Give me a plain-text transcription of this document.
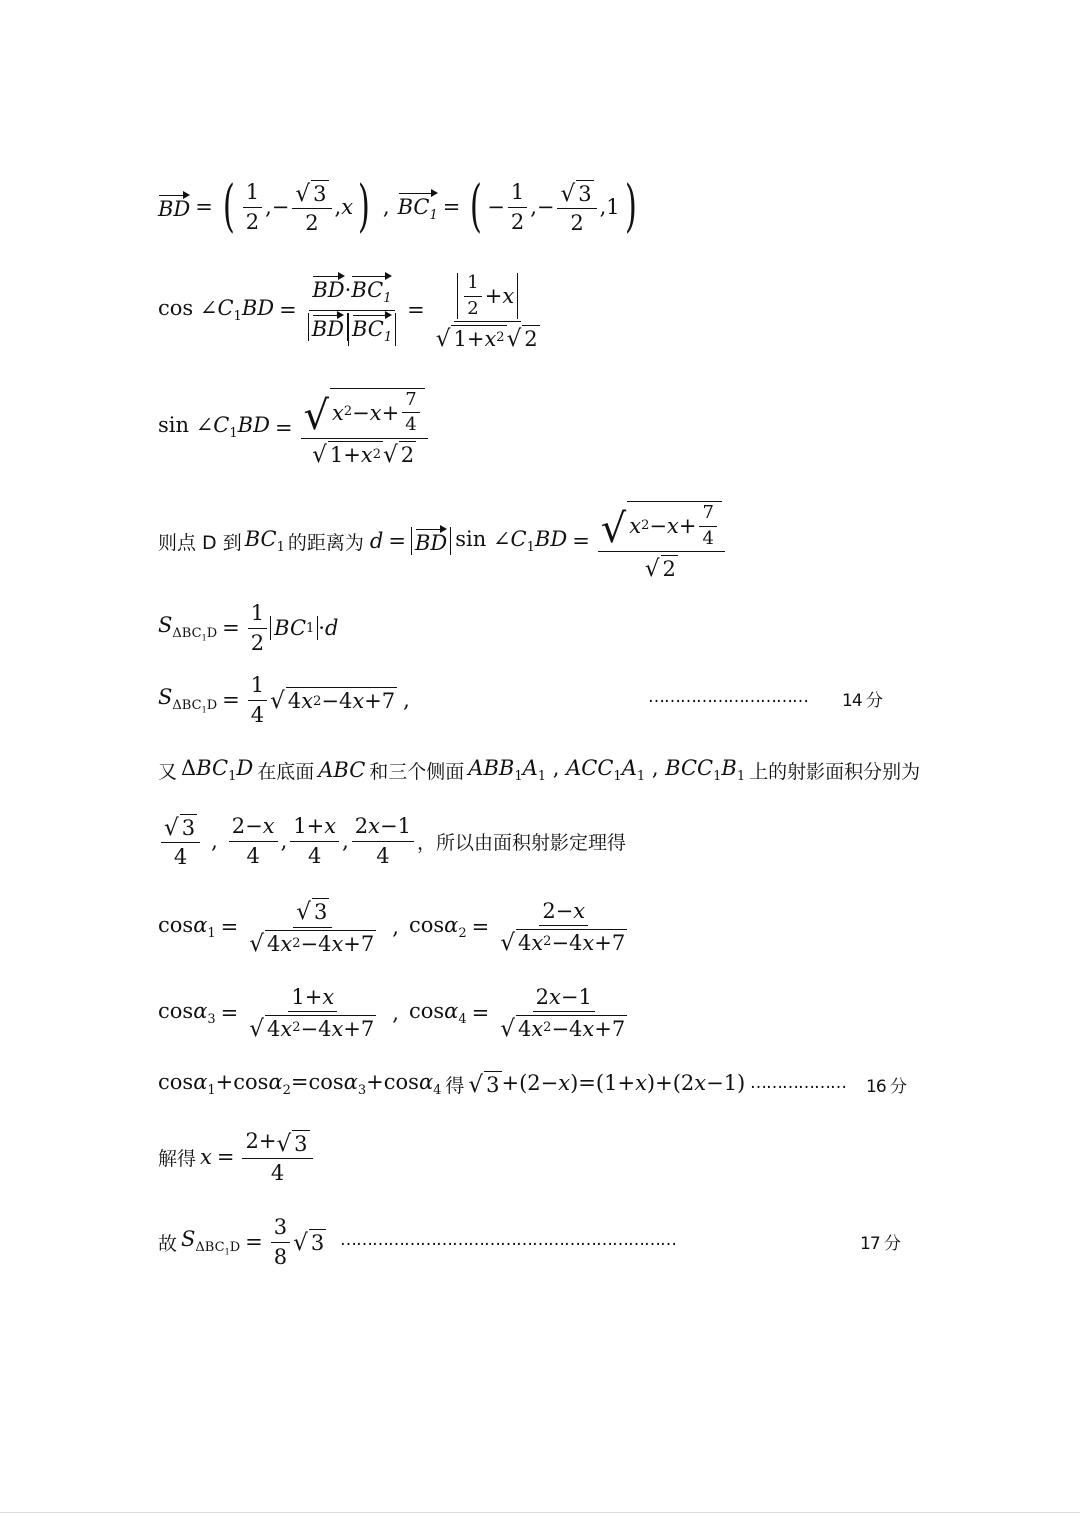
BD = ( $\frac{1}{2}$ ,− $\frac{√ 3}{2}$ , x ) , $BC_1$ = ( − $\frac{1}{2}$ ,− $\frac{√ 3}{2} ,1$ )
$\cos \angle C_1BD = \frac{BD\cdot BC_1}{BD BC_1} = \frac{\frac{1}{2} + x}{√ 1+ x 2 √ 2}$
$\sin \angle C_1BD = \frac{√ x 2 - x + \frac{7}{4}}{√ 1+ x 2 √ 2}$
则点 D 到 $BC_1$ 的距离为 d = BD $\sin \angle C_1BD = \frac{√ x 2 - x + \frac{7}{4}}{√ 2}$
$S_{\Delta BC_1D} = \frac{1}{2}$ BC 1 · d
$S_{\Delta BC_1D} = \frac{1}{4}$ √ 4 x 2 −4 x +7 ,	………………………… 14 分
又 $\Delta BC_1D$ 在底面 ABC 和三个侧面 $ABB_1A_1$ , $ACC_1A_1$ , $BCC_1B_1$ 上的射影面积分别为
$\frac{√ 3}{4}$ , $\frac{2-x}{4}$ , $\frac{1+x}{4}$ , $\frac{2x-1}{4}$ ，所以由面积射影定理得
$\cos\alpha_1 = \frac{√ 3}{√ 4 x 2 -4 x +7}$ , $\cos\alpha_2 = \frac{2-x}{√ 4 x 2 -4 x +7}$
$\cos\alpha_3 = \frac{1+x}{√ 4 x 2 -4 x +7}$ , $\cos\alpha_4 = \frac{2x-1}{√ 4 x 2 -4 x +7}$
cosα$_1$+cosα$_2$=cosα$_3$+cosα$_4$ 得 √ 3 +(2−x)=(1+x)+(2x−1) ……………… 16 分
解得 $x = \frac{2+ √ 3}{4}$
故 $S_{\Delta BC_1D} = \frac{3}{8}$ √ 3 ………………………………………………………	17 分
